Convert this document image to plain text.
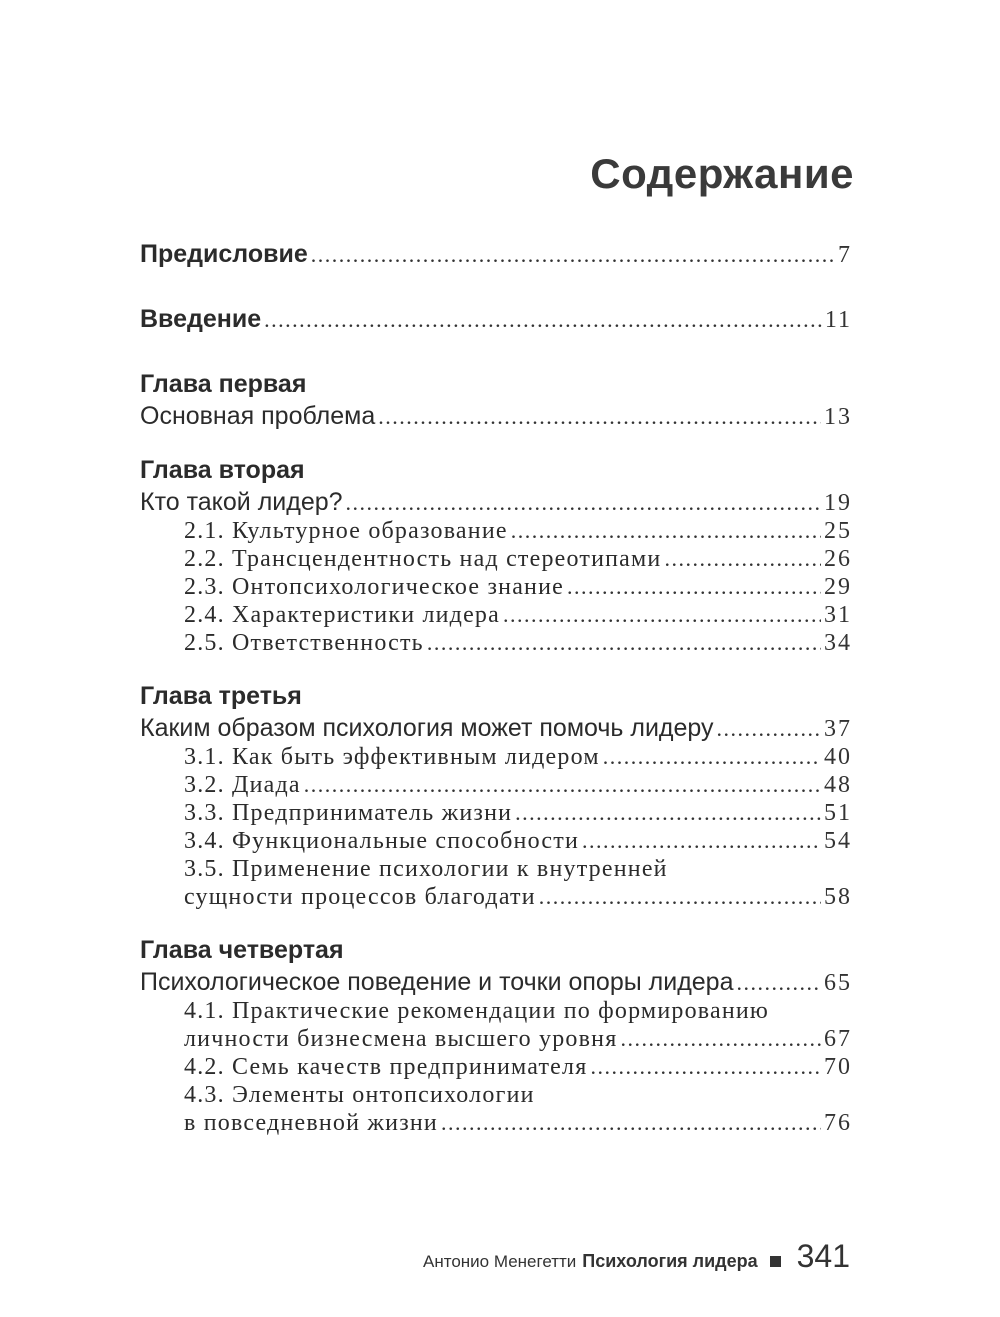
Содержание
Предисловие .....	7
Введение .....	11
Глава первая
Основная проблема .....	13
Глава вторая
Кто такой лидер? .....	19
2.1. Культурное образование .....	25
2.2. Трансцендентность над стереотипами .....	26
2.3. Онтопсихологическое знание .....	29
2.4. Характеристики лидера .....	31
2.5. Ответственность .....	34
Глава третья
Каким образом психология может помочь лидеру .....	37
3.1. Как быть эффективным лидером .....	40
3.2. Диада .....	48
3.3. Предприниматель жизни .....	51
3.4. Функциональные способности .....	54
3.5. Применение психологии к внутренней
сущности процессов благодати .....	58
Глава четвертая
Психологическое поведение и точки опоры лидера .....	65
4.1. Практические рекомендации по формированию
личности бизнесмена высшего уровня .....	67
4.2. Семь качеств предпринимателя .....	70
4.3. Элементы онтопсихологии
в повседневной жизни .....	76
Антонио Менегетти Психология лидера 341
